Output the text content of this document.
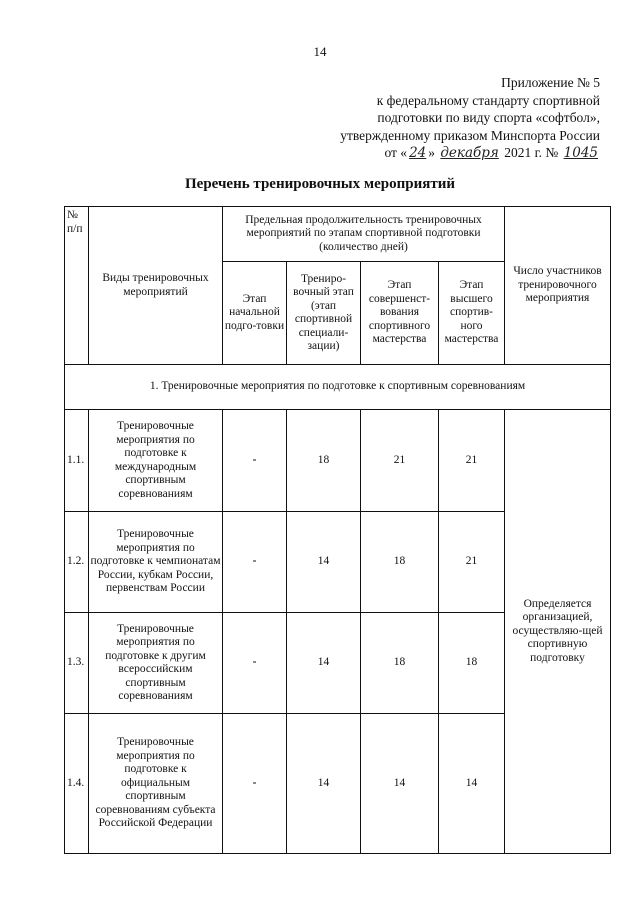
14
Приложение № 5
к федеральному стандарту спортивной
подготовки по виду спорта «софтбол»,
утвержденному приказом Минспорта России
от « 24 » декабря 2021 г. № 1045
Перечень тренировочных мероприятий
№ п/п	Виды тренировочных мероприятий	Предельная продолжительность тренировочных мероприятий по этапам спортивной подготовки (количество дней)				Число участников тренировочного мероприятия
		Этап начальной подго-товки	Трениро-вочный этап (этап спортивной специали-зации)	Этап совершенст-вования спортивного мастерства	Этап высшего спортив-ного мастерства	
1. Тренировочные мероприятия по подготовке к спортивным соревнованиям						
1.1.	Тренировочные мероприятия по подготовке к международным спортивным соревнованиям	-	18	21	21	Определяется организацией, осуществляю-щей спортивную подготовку
1.2.	Тренировочные мероприятия по подготовке к чемпионатам России, кубкам России, первенствам России	-	14	18	21	
1.3.	Тренировочные мероприятия по подготовке к другим всероссийским спортивным соревнованиям	-	14	18	18	
1.4.	Тренировочные мероприятия по подготовке к официальным спортивным соревнованиям субъекта Российской Федерации	-	14	14	14	
